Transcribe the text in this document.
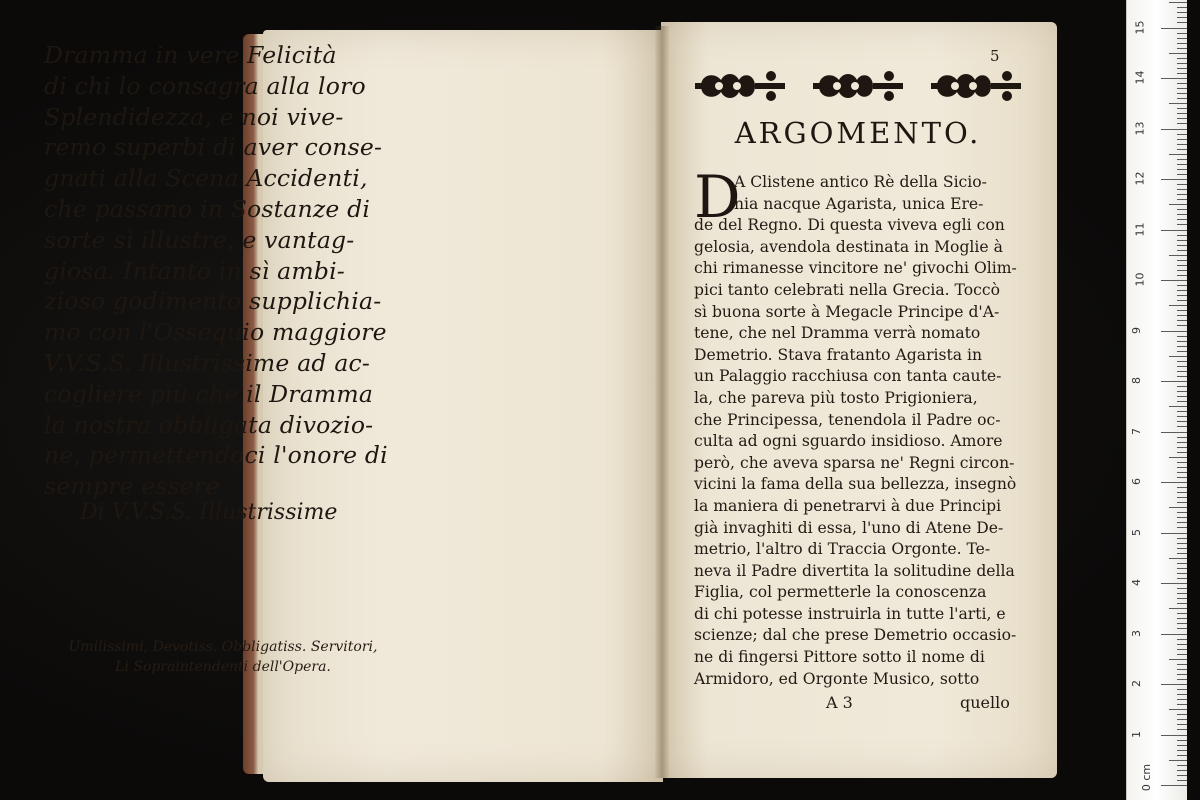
Dramma in vere Felicità
di chi lo consagra alla loro
Splendidezza, e noi vive-
remo superbi di aver conse-
gnati alla Scena Accidenti,
che passano in Sostanze di
sorte sì illustre, e vantag-
giosa. Intanto in sì ambi-
zioso godimento supplichia-
mo con l'Ossequio maggiore
V.V.S.S. Illustrissime ad ac-
cogliere più che il Dramma
la nostra obbligata divozio-
ne, permettendoci l'onore di
sempre essere
Di V.V.S.S. Illustrissime
Umilissimi, Devotiss. Obbligatiss. Servitori,
Li Sopraintendenti dell'Opera.
5
ARGOMENTO.
D
A Clistene antico Rè della Sicio-
nia nacque Agarista, unica Ere-
de del Regno. Di questa viveva egli con
gelosia, avendola destinata in Moglie à
chi rimanesse vincitore ne' givochi Olim-
pici tanto celebrati nella Grecia. Toccò
sì buona sorte à Megacle Principe d'A-
tene, che nel Dramma verrà nomato
Demetrio. Stava fratanto Agarista in
un Palaggio racchiusa con tanta caute-
la, che pareva più tosto Prigioniera,
che Principessa, tenendola il Padre oc-
culta ad ogni sguardo insidioso. Amore
però, che aveva sparsa ne' Regni circon-
vicini la fama della sua bellezza, insegnò
la maniera di penetrarvi à due Principi
già invaghiti di essa, l'uno di Atene De-
metrio, l'altro di Traccia Orgonte. Te-
neva il Padre divertita la solitudine della
Figlia, col permetterle la conoscenza
di chi potesse instruirla in tutte l'arti, e
scienze; dal che prese Demetrio occasio-
ne di fingersi Pittore sotto il nome di
Armidoro, ed Orgonte Musico, sotto
A 3	quello
0 cm
1
2
3
4
5
6
7
8
9
10
11
12
13
14
15
